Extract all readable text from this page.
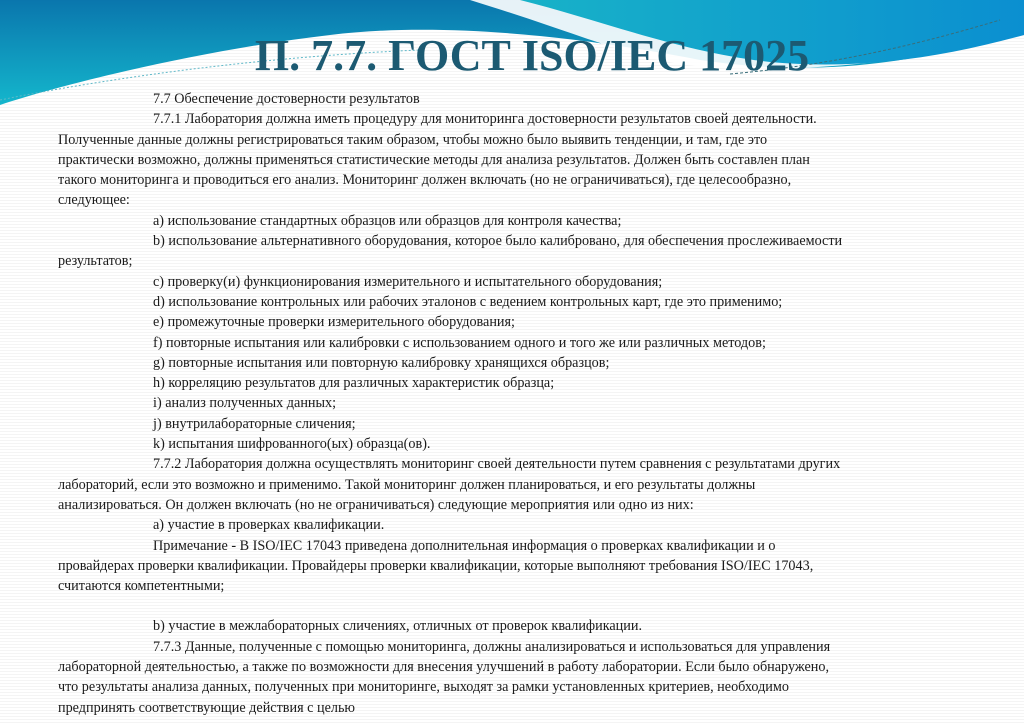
П. 7.7. ГОСТ ISO/IEC 17025

7.7 Обеспечение достоверности результатов

7.7.1 Лаборатория должна иметь процедуру для мониторинга достоверности результатов своей деятельности.

Полученные данные должны регистрироваться таким образом, чтобы можно было выявить тенденции, и там, где это

практически возможно, должны применяться статистические методы для анализа результатов. Должен быть составлен план

такого мониторинга и проводиться его анализ. Мониторинг должен включать (но не ограничиваться), где целесообразно,

следующее:

a) использование стандартных образцов или образцов для контроля качества;

b) использование альтернативного оборудования, которое было калибровано, для обеспечения прослеживаемости

результатов;

c) проверку(и) функционирования измерительного и испытательного оборудования;

d) использование контрольных или рабочих эталонов с ведением контрольных карт, где это применимо;

e) промежуточные проверки измерительного оборудования;

f) повторные испытания или калибровки с использованием одного и того же или различных методов;

g) повторные испытания или повторную калибровку хранящихся образцов;

h) корреляцию результатов для различных характеристик образца;

i) анализ полученных данных;

j) внутрилабораторные сличения;

k) испытания шифрованного(ых) образца(ов).

7.7.2 Лаборатория должна осуществлять мониторинг своей деятельности путем сравнения с результатами других

лабораторий, если это возможно и применимо. Такой мониторинг должен планироваться, и его результаты должны

анализироваться. Он должен включать (но не ограничиваться) следующие мероприятия или одно из них:

a) участие в проверках квалификации.

Примечание - В ISO/IEC 17043 приведена дополнительная информация о проверках квалификации и о

провайдерах проверки квалификации. Провайдеры проверки квалификации, которые выполняют требования ISO/IEC 17043,

считаются компетентными;

b) участие в межлабораторных сличениях, отличных от проверок квалификации.

7.7.3 Данные, полученные с помощью мониторинга, должны анализироваться и использоваться для управления

лабораторной деятельностью, а также по возможности для внесения улучшений в работу лаборатории. Если было обнаружено,

что результаты анализа данных, полученных при мониторинге, выходят за рамки установленных критериев, необходимо

предпринять соответствующие действия с целью
